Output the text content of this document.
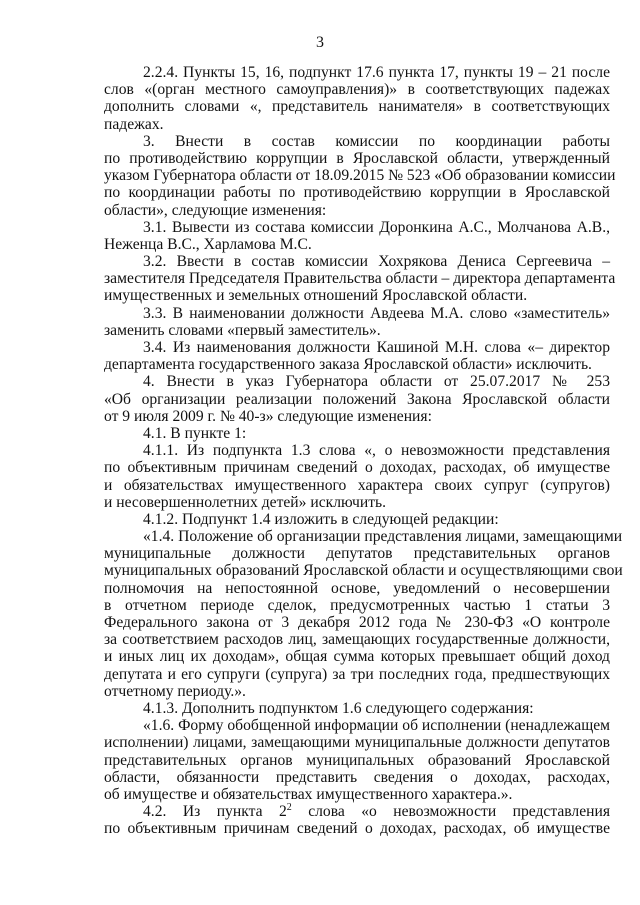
3
2.2.4. Пункты 15, 16, подпункт 17.6 пункта 17, пункты 19 – 21 после
слов «(орган местного самоуправления)» в соответствующих падежах
дополнить словами «, представитель нанимателя» в соответствующих
падежах.
3. Внести в состав комиссии по координации работы
по противодействию коррупции в Ярославской области, утвержденный
указом Губернатора области от 18.09.2015 № 523 «Об образовании комиссии
по координации работы по противодействию коррупции в Ярославской
области», следующие изменения:
3.1. Вывести из состава комиссии Доронкина А.С., Молчанова А.В.,
Неженца В.С., Харламова М.С.
3.2. Ввести в состав комиссии Хохрякова Дениса Сергеевича –
заместителя Председателя Правительства области – директора департамента
имущественных и земельных отношений Ярославской области.
3.3. В наименовании должности Авдеева М.А. слово «заместитель»
заменить словами «первый заместитель».
3.4. Из наименования должности Кашиной М.Н. слова «– директор
департамента государственного заказа Ярославской области» исключить.
4. Внести в указ Губернатора области от 25.07.2017 № 253
«Об организации реализации положений Закона Ярославской области
от 9 июля 2009 г. № 40-з» следующие изменения:
4.1. В пункте 1:
4.1.1. Из подпункта 1.3 слова «, о невозможности представления
по объективным причинам сведений о доходах, расходах, об имуществе
и обязательствах имущественного характера своих супруг (супругов)
и несовершеннолетних детей» исключить.
4.1.2. Подпункт 1.4 изложить в следующей редакции:
«1.4. Положение об организации представления лицами, замещающими
муниципальные должности депутатов представительных органов
муниципальных образований Ярославской области и осуществляющими свои
полномочия на непостоянной основе, уведомлений о несовершении
в отчетном периоде сделок, предусмотренных частью 1 статьи 3
Федерального закона от 3 декабря 2012 года № 230-ФЗ «О контроле
за соответствием расходов лиц, замещающих государственные должности,
и иных лиц их доходам», общая сумма которых превышает общий доход
депутата и его супруги (супруга) за три последних года, предшествующих
отчетному периоду.».
4.1.3. Дополнить подпунктом 1.6 следующего содержания:
«1.6. Форму обобщенной информации об исполнении (ненадлежащем
исполнении) лицами, замещающими муниципальные должности депутатов
представительных органов муниципальных образований Ярославской
области, обязанности представить сведения о доходах, расходах,
об имуществе и обязательствах имущественного характера.».
4.2. Из пункта $2^2$ слова «о невозможности представления
по объективным причинам сведений о доходах, расходах, об имуществе
